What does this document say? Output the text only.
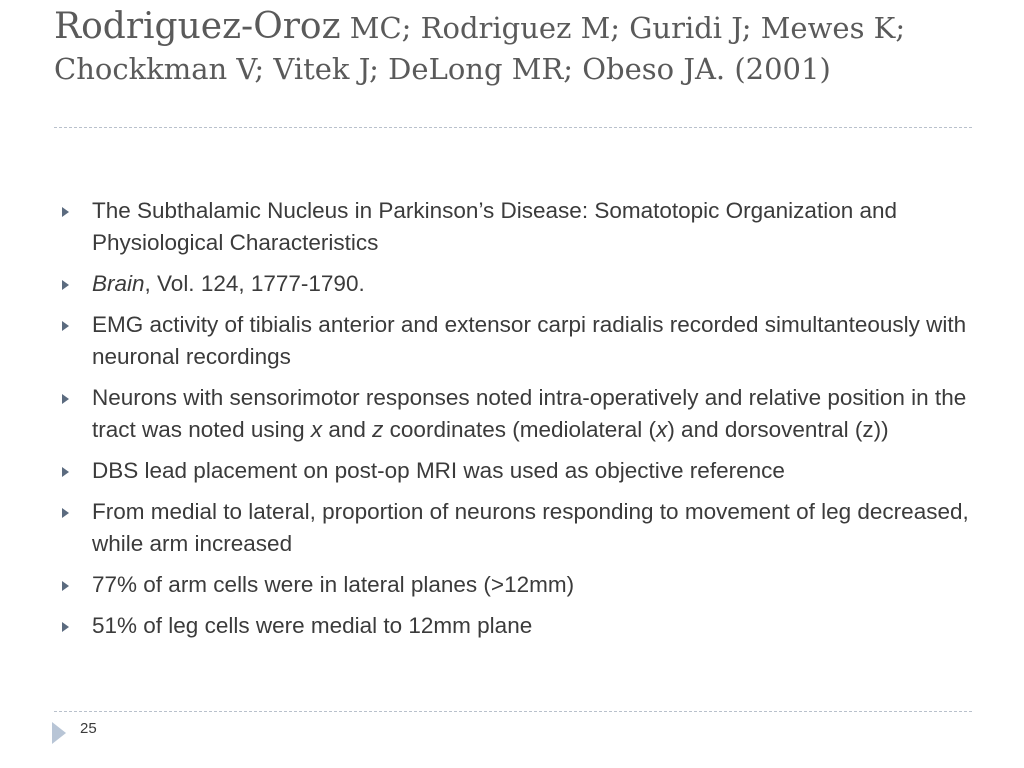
Rodriguez-Oroz MC; Rodriguez M; Guridi J; Mewes K; Chockkman V; Vitek J; DeLong MR; Obeso JA. (2001)
The Subthalamic Nucleus in Parkinson’s Disease: Somatotopic Organization and Physiological Characteristics
Brain, Vol. 124, 1777-1790.
EMG activity of tibialis anterior and extensor carpi radialis recorded simultanteously with neuronal recordings
Neurons with sensorimotor responses noted intra-operatively and relative position in the tract was noted using x and z coordinates (mediolateral (x) and dorsoventral (z))
DBS lead placement on post-op MRI was used as objective reference
From medial to lateral, proportion of neurons responding to movement of leg decreased, while arm increased
77% of arm cells were in lateral planes (>12mm)
51% of leg cells were medial to 12mm plane
25
